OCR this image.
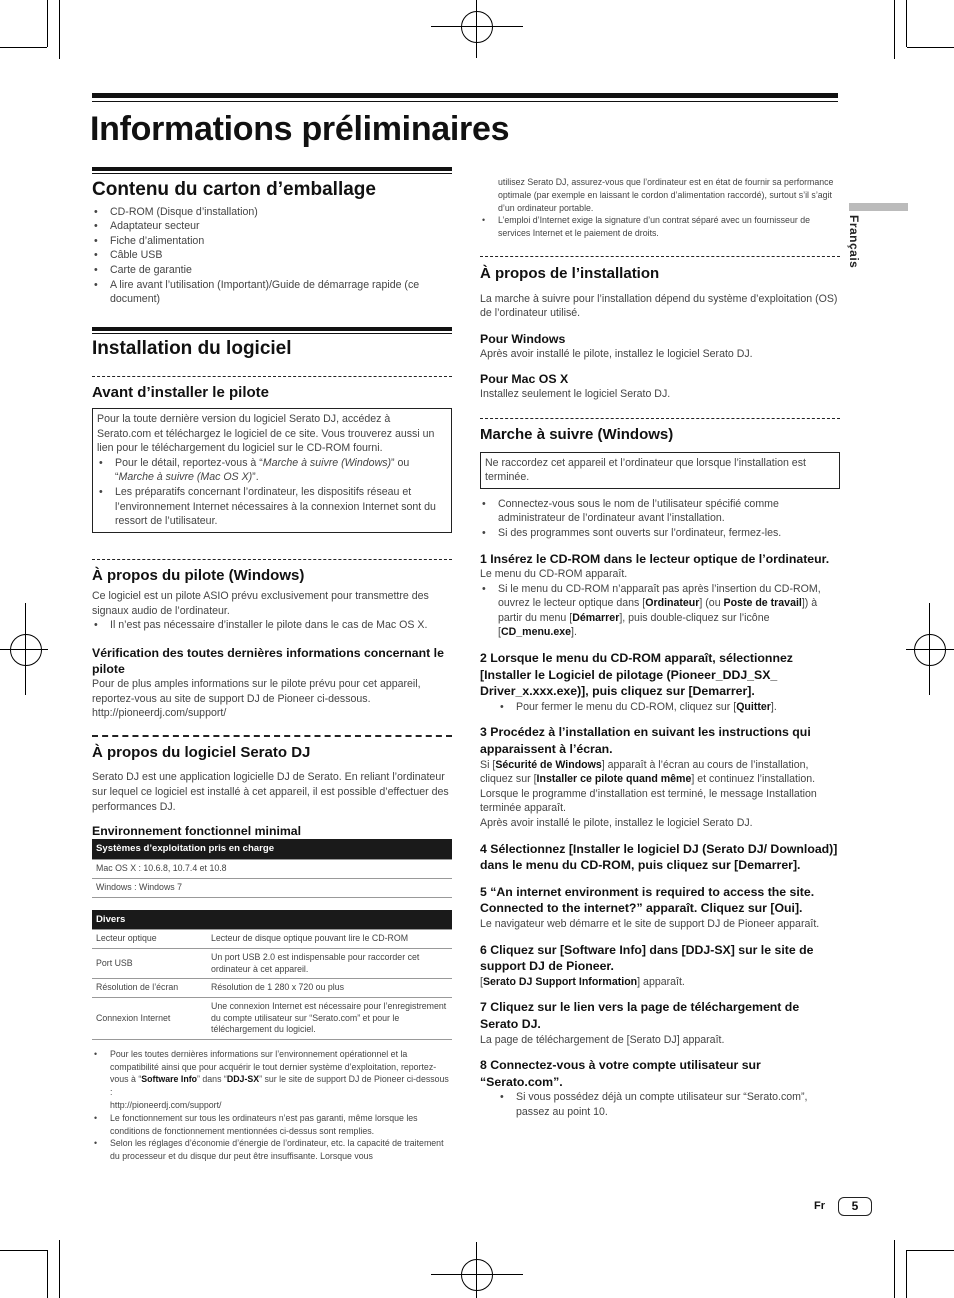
Informations préliminaires
Français
Contenu du carton d’emballage
• CD-ROM (Disque d’installation)
• Adaptateur secteur
• Fiche d’alimentation
• Câble USB
• Carte de garantie
• A lire avant l’utilisation (Important)/Guide de démarrage rapide (ce document)
Installation du logiciel
Avant d’installer le pilote

Pour la toute dernière version du logiciel Serato DJ, accédez à Serato.com et téléchargez le logiciel de ce site. Vous trouverez aussi un lien pour le téléchargement du logiciel sur le CD-ROM fourni.

• Pour le détail, reportez-vous à “Marche à suivre (Windows)” ou “Marche à suivre (Mac OS X)”.
• Les préparatifs concernant l’ordinateur, les dispositifs réseau et l’environnement Internet nécessaires à la connexion Internet sont du ressort de l’utilisateur.
À propos du pilote (Windows)

Ce logiciel est un pilote ASIO prévu exclusivement pour transmettre des signaux audio de l’ordinateur.

• Il n’est pas nécessaire d’installer le pilote dans le cas de Mac OS X.
Vérification des toutes dernières informations concernant le pilote

Pour de plus amples informations sur le pilote prévu pour cet appareil, reportez-vous au site de support DJ de Pioneer ci-dessous.

http://pioneerdj.com/support/

À propos du logiciel Serato DJ

Serato DJ est une application logicielle DJ de Serato. En reliant l’ordinateur sur lequel ce logiciel est installé à cet appareil, il est possible d’effectuer des performances DJ.

Environnement fonctionnel minimal
Systèmes d’exploitation pris en charge
Mac OS X : 10.6.8, 10.7.4 et 10.8
Windows : Windows 7
Divers	
Lecteur optique	Lecteur de disque optique pouvant lire le CD-ROM
Port USB	Un port USB 2.0 est indispensable pour raccorder cet ordinateur à cet appareil.
Résolution de l’écran	Résolution de 1 280 x 720 ou plus
Connexion Internet	Une connexion Internet est nécessaire pour l’enregistrement du compte utilisateur sur “Serato.com” et pour le téléchargement du logiciel.
• Pour les toutes dernières informations sur l’environnement opérationnel et la compatibilité ainsi que pour acquérir le tout dernier système d’exploitation, reportez-vous à “Software Info” dans “DDJ-SX” sur le site de support DJ de Pioneer ci-dessous :
http://pioneerdj.com/support/
• Le fonctionnement sur tous les ordinateurs n’est pas garanti, même lorsque les conditions de fonctionnement mentionnées ci-dessus sont remplies.
• Selon les réglages d’économie d’énergie de l’ordinateur, etc. la capacité de traitement du processeur et du disque dur peut être insuffisante. Lorsque vous
utilisez Serato DJ, assurez-vous que l’ordinateur est en état de fournir sa performance optimale (par exemple en laissant le cordon d’alimentation raccordé), surtout s’il s’agit d’un ordinateur portable.
• L’emploi d’Internet exige la signature d’un contrat séparé avec un fournisseur de services Internet et le paiement de droits.
À propos de l’installation

La marche à suivre pour l’installation dépend du système d’exploitation (OS) de l’ordinateur utilisé.

Pour Windows

Après avoir installé le pilote, installez le logiciel Serato DJ.

Pour Mac OS X

Installez seulement le logiciel Serato DJ.

Marche à suivre (Windows)
Ne raccordez cet appareil et l’ordinateur que lorsque l’installation est terminée.
• Connectez-vous sous le nom de l’utilisateur spécifié comme administrateur de l’ordinateur avant l’installation.
• Si des programmes sont ouverts sur l’ordinateur, fermez-les.
1 Insérez le CD-ROM dans le lecteur optique de l’ordinateur.

Le menu du CD-ROM apparaît.

• Si le menu du CD-ROM n’apparaît pas après l’insertion du CD-ROM, ouvrez le lecteur optique dans [Ordinateur] (ou Poste de travail]) à partir du menu [Démarrer], puis double-cliquez sur l’icône [CD_menu.exe].
2 Lorsque le menu du CD-ROM apparaît, sélectionnez [Installer le Logiciel de pilotage (Pioneer_DDJ_SX_ Driver_x.xxx.exe)], puis cliquez sur [Demarrer].
• Pour fermer le menu du CD-ROM, cliquez sur [Quitter].
3 Procédez à l’installation en suivant les instructions qui apparaissent à l’écran.

Si [Sécurité de Windows] apparaît à l’écran au cours de l’installation, cliquez sur [Installer ce pilote quand même] et continuez l’installation.

Lorsque le programme d’installation est terminé, le message Installation terminée apparaît.

Après avoir installé le pilote, installez le logiciel Serato DJ.

4 Sélectionnez [Installer le logiciel DJ (Serato DJ/ Download)] dans le menu du CD-ROM, puis cliquez sur [Demarrer].
5 “An internet environment is required to access the site. Connected to the internet?” apparaît. Cliquez sur [Oui].

Le navigateur web démarre et le site de support DJ de Pioneer apparaît.

6 Cliquez sur [Software Info] dans [DDJ-SX] sur le site de support DJ de Pioneer.

[Serato DJ Support Information] apparaît.

7 Cliquez sur le lien vers la page de téléchargement de Serato DJ.

La page de téléchargement de [Serato DJ] apparaît.

8 Connectez-vous à votre compte utilisateur sur “Serato.com”.
• Si vous possédez déjà un compte utilisateur sur “Serato.com”, passez au point 10.
Fr	5
